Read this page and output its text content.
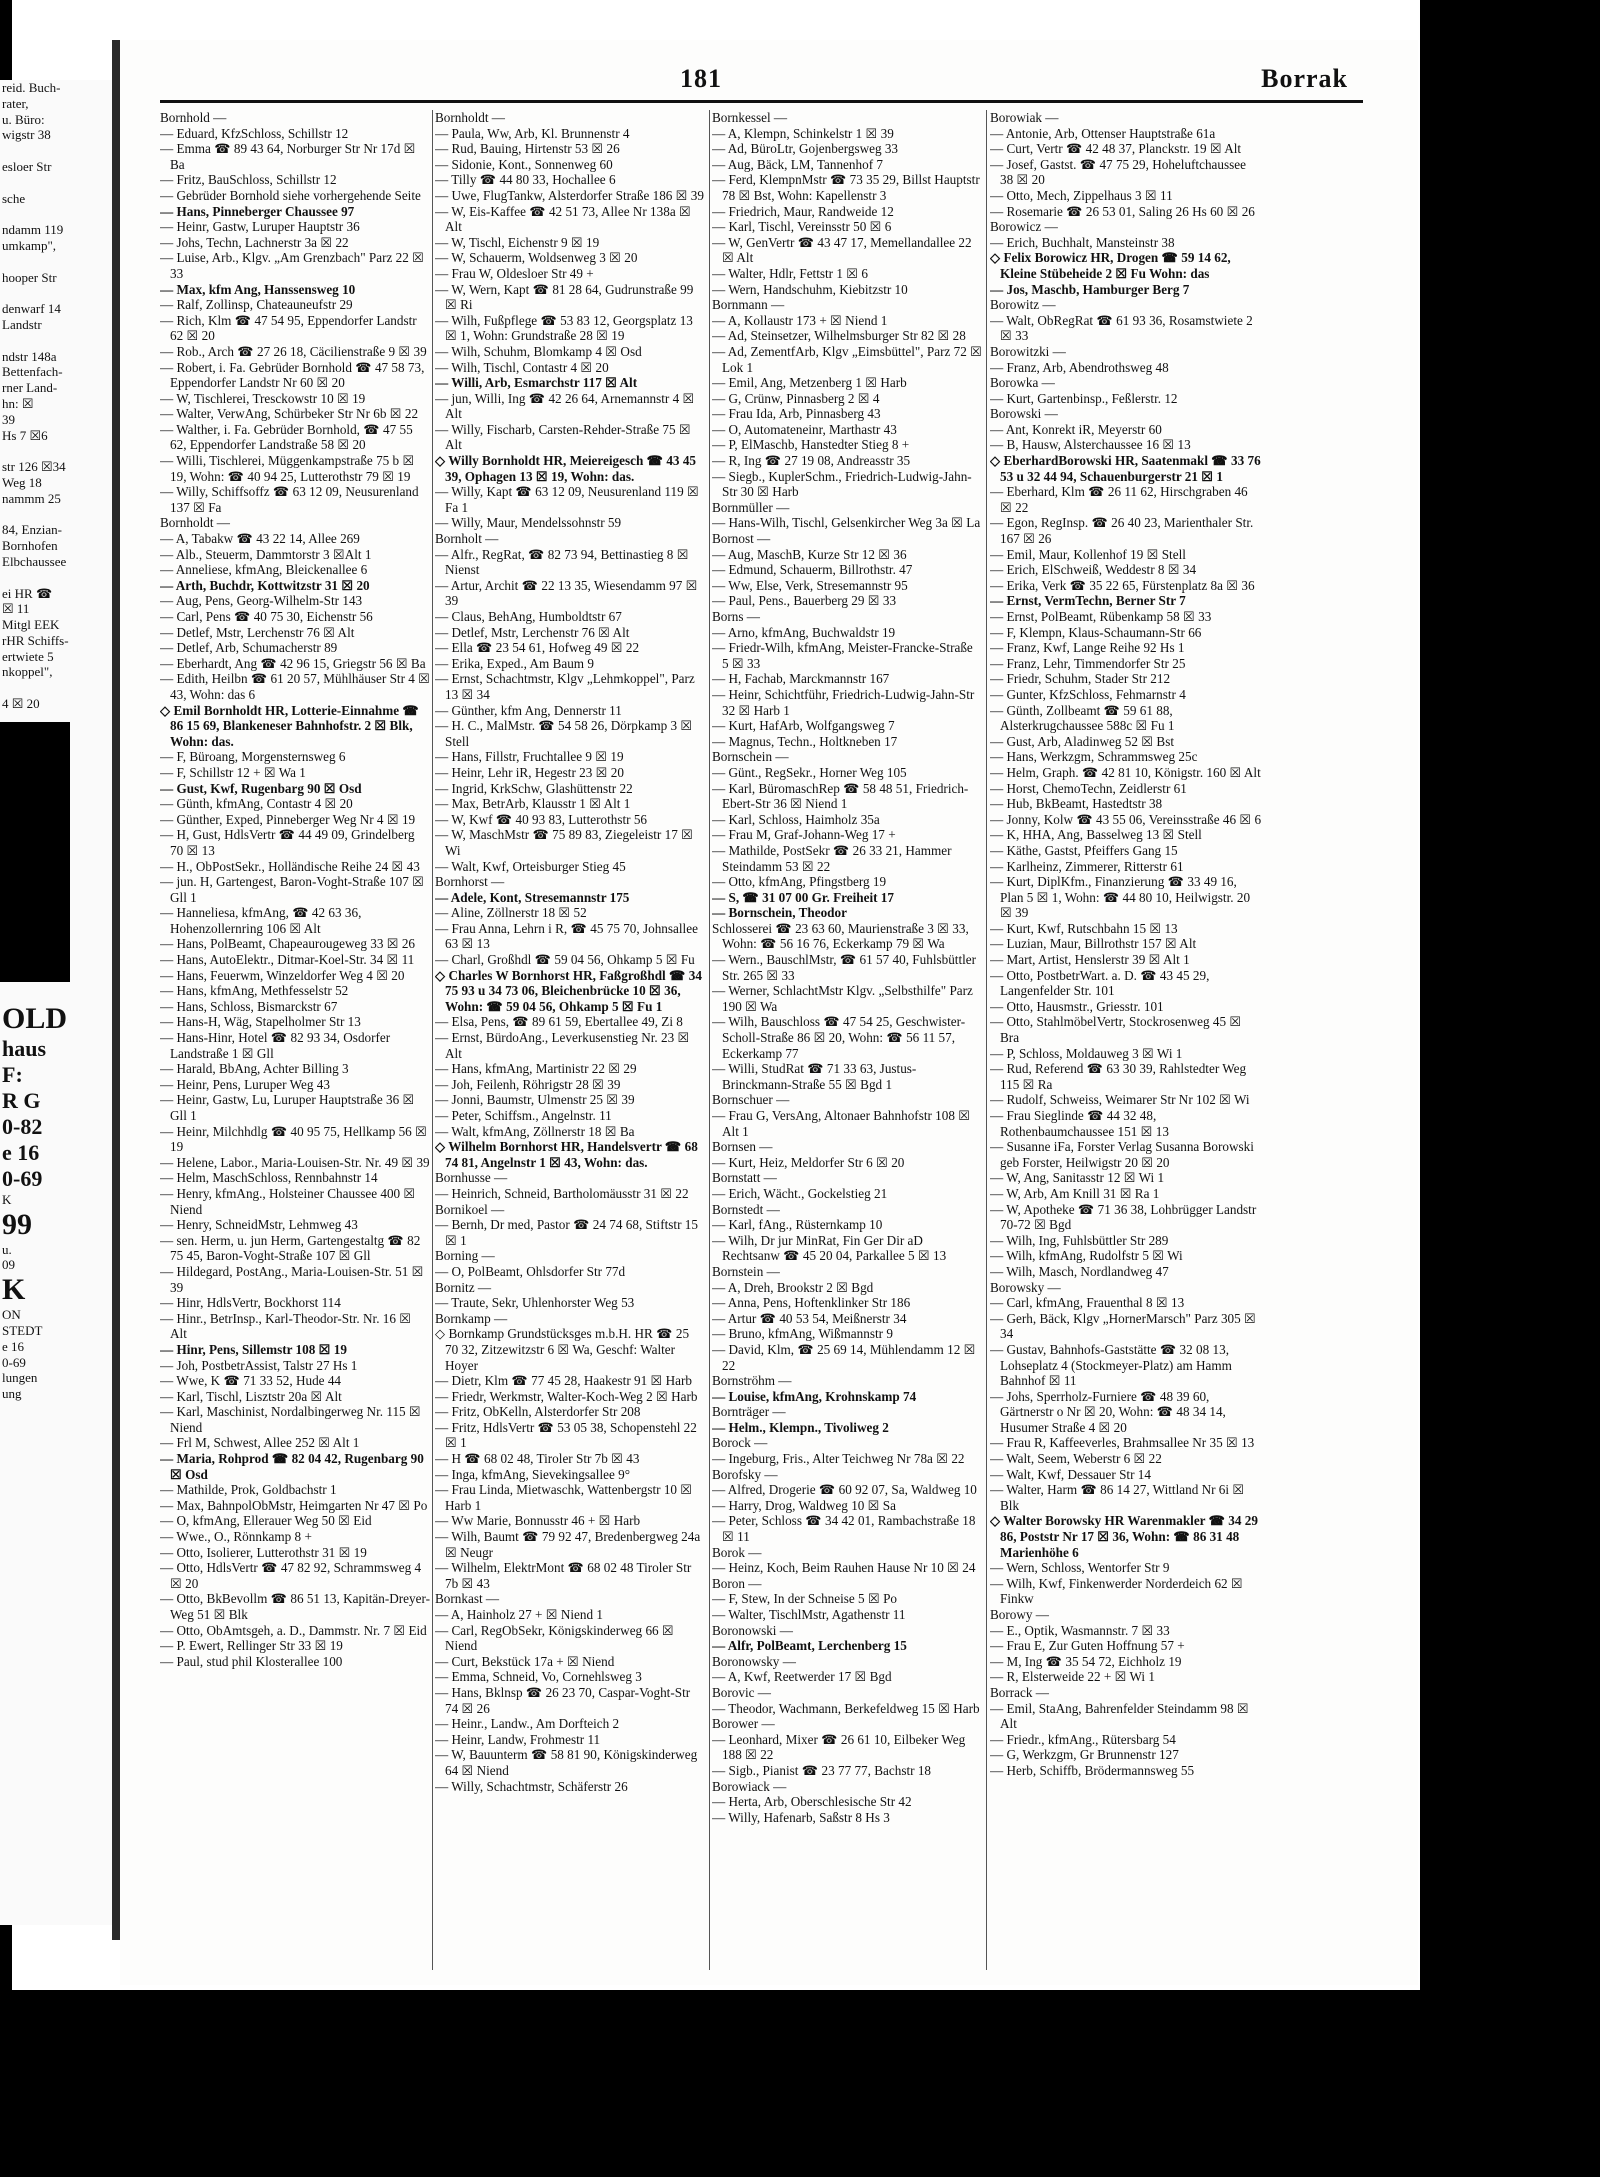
reid. Buch-
rater,
u. Büro:
wigstr 38

esloer Str

sche

ndamm 119
umkamp",

hooper Str

denwarf 14
Landstr

ndstr 148a
Bettenfach-
rner Land-
hn: ☒
39
Hs 7 ☒6

str 126 ☒34
Weg 18
nammm 25

84, Enzian-
Bornhofen
Elbchaussee

ei HR ☎
☒ 11
Mitgl EEK
rHR Schiffs-
ertwiete 5
nkoppel",

4 ☒ 20
OLD
haus
F:
R G
0-82
e 16
0-69
K
99
u.
09
K
ON
STEDT
e 16
0-69
lungen
ung
181	Borrak

Bornhold —

— Eduard, KfzSchloss, Schillstr 12

— Emma ☎ 89 43 64, Norburger Str Nr 17d ☒ Ba

— Fritz, BauSchloss, Schillstr 12

— Gebrüder Bornhold siehe vorhergehende Seite

— Hans, Pinneberger Chaussee 97

— Heinr, Gastw, Luruper Hauptstr 36

— Johs, Techn, Lachnerstr 3a ☒ 22

— Luise, Arb., Klgv. „Am Grenzbach" Parz 22 ☒ 33

— Max, kfm Ang, Hanssensweg 10

— Ralf, Zollinsp, Chateauneufstr 29

— Rich, Klm ☎ 47 54 95, Eppendorfer Landstr 62 ☒ 20

— Rob., Arch ☎ 27 26 18, Cäcilienstraße 9 ☒ 39

— Robert, i. Fa. Gebrüder Bornhold ☎ 47 58 73, Eppendorfer Landstr Nr 60 ☒ 20

— W, Tischlerei, Tresckowstr 10 ☒ 19

— Walter, VerwAng, Schürbeker Str Nr 6b ☒ 22

— Walther, i. Fa. Gebrüder Bornhold, ☎ 47 55 62, Eppendorfer Landstraße 58 ☒ 20

— Willi, Tischlerei, Müggenkampstraße 75 b ☒ 19, Wohn: ☎ 40 94 25, Lutterothstr 79 ☒ 19

— Willy, Schiffsoffz ☎ 63 12 09, Neusurenland 137 ☒ Fa

Bornholdt —

— A, Tabakw ☎ 43 22 14, Allee 269

— Alb., Steuerm, Dammtorstr 3 ☒Alt 1

— Anneliese, kfmAng, Bleickenallee 6

— Arth, Buchdr, Kottwitzstr 31 ☒ 20

— Aug, Pens, Georg-Wilhelm-Str 143

— Carl, Pens ☎ 40 75 30, Eichenstr 56

— Detlef, Mstr, Lerchenstr 76 ☒ Alt

— Detlef, Arb, Schumacherstr 89

— Eberhardt, Ang ☎ 42 96 15, Griegstr 56 ☒ Ba

— Edith, Heilbn ☎ 61 20 57, Mühlhäuser Str 4 ☒ 43, Wohn: das 6

◇ Emil Bornholdt HR, Lotterie-Einnahme ☎ 86 15 69, Blankeneser Bahnhofstr. 2 ☒ Blk, Wohn: das.

— F, Büroang, Morgensternsweg 6

— F, Schillstr 12 + ☒ Wa 1

— Gust, Kwf, Rugenbarg 90 ☒ Osd

— Günth, kfmAng, Contastr 4 ☒ 20

— Günther, Exped, Pinneberger Weg Nr 4 ☒ 19

— H, Gust, HdlsVertr ☎ 44 49 09, Grindelberg 70 ☒ 13

— H., ObPostSekr., Holländische Reihe 24 ☒ 43

— jun. H, Gartengest, Baron-Voght-Straße 107 ☒ Gll 1

— Hanneliesa, kfmAng, ☎ 42 63 36, Hohenzollernring 106 ☒ Alt

— Hans, PolBeamt, Chapeaurougeweg 33 ☒ 26

— Hans, AutoElektr., Ditmar-Koel-Str. 34 ☒ 11

— Hans, Feuerwm, Winzeldorfer Weg 4 ☒ 20

— Hans, kfmAng, Methfesselstr 52

— Hans, Schloss, Bismarckstr 67

— Hans-H, Wäg, Stapelholmer Str 13

— Hans-Hinr, Hotel ☎ 82 93 34, Osdorfer Landstraße 1 ☒ Gll

— Harald, BbAng, Achter Billing 3

— Heinr, Pens, Luruper Weg 43

— Heinr, Gastw, Lu, Luruper Hauptstraße 36 ☒ Gll 1

— Heinr, Milchhdlg ☎ 40 95 75, Hellkamp 56 ☒ 19

— Helene, Labor., Maria-Louisen-Str. Nr. 49 ☒ 39

— Helm, MaschSchloss, Rennbahnstr 14

— Henry, kfmAng., Holsteiner Chaussee 400 ☒ Niend

— Henry, SchneidMstr, Lehmweg 43

— sen. Herm, u. jun Herm, Gartengestaltg ☎ 82 75 45, Baron-Voght-Straße 107 ☒ Gll

— Hildegard, PostAng., Maria-Louisen-Str. 51 ☒ 39

— Hinr, HdlsVertr, Bockhorst 114

— Hinr., BetrInsp., Karl-Theodor-Str. Nr. 16 ☒ Alt

— Hinr, Pens, Sillemstr 108 ☒ 19

— Joh, PostbetrAssist, Talstr 27 Hs 1

— Wwe, K ☎ 71 33 52, Hude 44

— Karl, Tischl, Lisztstr 20a ☒ Alt

— Karl, Maschinist, Nordalbingerweg Nr. 115 ☒ Niend

— Frl M, Schwest, Allee 252 ☒ Alt 1

— Maria, Rohprod ☎ 82 04 42, Rugenbarg 90 ☒ Osd

— Mathilde, Prok, Goldbachstr 1

— Max, BahnpolObMstr, Heimgarten Nr 47 ☒ Po

— O, kfmAng, Ellerauer Weg 50 ☒ Eid

— Wwe., O., Rönnkamp 8 +

— Otto, Isolierer, Lutterothstr 31 ☒ 19

— Otto, HdlsVertr ☎ 47 82 92, Schrammsweg 4 ☒ 20

— Otto, BkBevollm ☎ 86 51 13, Kapitän-Dreyer-Weg 51 ☒ Blk

— Otto, ObAmtsgeh, a. D., Dammstr. Nr. 7 ☒ Eid

— P. Ewert, Rellinger Str 33 ☒ 19

— Paul, stud phil Klosterallee 100

Bornholdt —

— Paula, Ww, Arb, Kl. Brunnenstr 4

— Rud, Bauing, Hirtenstr 53 ☒ 26

— Sidonie, Kont., Sonnenweg 60

— Tilly ☎ 44 80 33, Hochallee 6

— Uwe, FlugTankw, Alsterdorfer Straße 186 ☒ 39

— W, Eis-Kaffee ☎ 42 51 73, Allee Nr 138a ☒ Alt

— W, Tischl, Eichenstr 9 ☒ 19

— W, Schauerm, Woldsenweg 3 ☒ 20

— Frau W, Oldesloer Str 49 +

— W, Wern, Kapt ☎ 81 28 64, Gudrunstraße 99 ☒ Ri

— Wilh, Fußpflege ☎ 53 83 12, Georgsplatz 13 ☒ 1, Wohn: Grundstraße 28 ☒ 19

— Wilh, Schuhm, Blomkamp 4 ☒ Osd

— Wilh, Tischl, Contastr 4 ☒ 20

— Willi, Arb, Esmarchstr 117 ☒ Alt

— jun, Willi, Ing ☎ 42 26 64, Arnemannstr 4 ☒ Alt

— Willy, Fischarb, Carsten-Rehder-Straße 75 ☒ Alt

◇ Willy Bornholdt HR, Meiereigesch ☎ 43 45 39, Ophagen 13 ☒ 19, Wohn: das.

— Willy, Kapt ☎ 63 12 09, Neusurenland 119 ☒ Fa 1

— Willy, Maur, Mendelssohnstr 59

Bornholt —

— Alfr., RegRat, ☎ 82 73 94, Bettinastieg 8 ☒ Nienst

— Artur, Archit ☎ 22 13 35, Wiesendamm 97 ☒ 39

— Claus, BehAng, Humboldtstr 67

— Detlef, Mstr, Lerchenstr 76 ☒ Alt

— Ella ☎ 23 54 61, Hofweg 49 ☒ 22

— Erika, Exped., Am Baum 9

— Ernst, Schachtmstr, Klgv „Lehmkoppel", Parz 13 ☒ 34

— Günther, kfm Ang, Dennerstr 11

— H. C., MalMstr. ☎ 54 58 26, Dörpkamp 3 ☒ Stell

— Hans, Fillstr, Fruchtallee 9 ☒ 19

— Heinr, Lehr iR, Hegestr 23 ☒ 20

— Ingrid, KrkSchw, Glashüttenstr 22

— Max, BetrArb, Klausstr 1 ☒ Alt 1

— W, Kwf ☎ 40 93 83, Lutterothstr 56

— W, MaschMstr ☎ 75 89 83, Ziegeleistr 17 ☒ Wi

— Walt, Kwf, Orteisburger Stieg 45

Bornhorst —

— Adele, Kont, Stresemannstr 175

— Aline, Zöllnerstr 18 ☒ 52

— Frau Anna, Lehrn i R, ☎ 45 75 70, Johnsallee 63 ☒ 13

— Charl, Großhdl ☎ 59 04 56, Ohkamp 5 ☒ Fu

◇ Charles W Bornhorst HR, Faßgroßhdl ☎ 34 75 93 u 34 73 06, Bleichenbrücke 10 ☒ 36, Wohn: ☎ 59 04 56, Ohkamp 5 ☒ Fu 1

— Elsa, Pens, ☎ 89 61 59, Ebertallee 49, Zi 8

— Ernst, BürdoAng., Leverkusenstieg Nr. 23 ☒ Alt

— Hans, kfmAng, Martinistr 22 ☒ 29

— Joh, Feilenh, Röhrigstr 28 ☒ 39

— Jonni, Baumstr, Ulmenstr 25 ☒ 39

— Peter, Schiffsm., Angelnstr. 11

— Walt, kfmAng, Zöllnerstr 18 ☒ Ba

◇ Wilhelm Bornhorst HR, Handelsvertr ☎ 68 74 81, Angelnstr 1 ☒ 43, Wohn: das.

Bornhusse —

— Heinrich, Schneid, Bartholomäusstr 31 ☒ 22

Bornikoel —

— Bernh, Dr med, Pastor ☎ 24 74 68, Stiftstr 15 ☒ 1

Borning —

— O, PolBeamt, Ohlsdorfer Str 77d

Bornitz —

— Traute, Sekr, Uhlenhorster Weg 53

Bornkamp —

◇ Bornkamp Grundstücksges m.b.H. HR ☎ 25 70 32, Zitzewitzstr 6 ☒ Wa, Geschf: Walter Hoyer

— Dietr, Klm ☎ 77 45 28, Haakestr 91 ☒ Harb

— Friedr, Werkmstr, Walter-Koch-Weg 2 ☒ Harb

— Fritz, ObKelln, Alsterdorfer Str 208

— Fritz, HdlsVertr ☎ 53 05 38, Schopenstehl 22 ☒ 1

— H ☎ 68 02 48, Tiroler Str 7b ☒ 43

— Inga, kfmAng, Sievekingsallee 9°

— Frau Linda, Mietwaschk, Wattenbergstr 10 ☒ Harb 1

— Ww Marie, Bonnusstr 46 + ☒ Harb

— Wilh, Baumt ☎ 79 92 47, Bredenbergweg 24a ☒ Neugr

— Wilhelm, ElektrMont ☎ 68 02 48 Tiroler Str 7b ☒ 43

Bornkast —

— A, Hainholz 27 + ☒ Niend 1

— Carl, RegObSekr, Königskinderweg 66 ☒ Niend

— Curt, Bekstück 17a + ☒ Niend

— Emma, Schneid, Vo, Cornehlsweg 3

— Hans, Bklnsp ☎ 26 23 70, Caspar-Voght-Str 74 ☒ 26

— Heinr., Landw., Am Dorfteich 2

— Heinr, Landw, Frohmestr 11

— W, Bauunterm ☎ 58 81 90, Königskinderweg 64 ☒ Niend

— Willy, Schachtmstr, Schäferstr 26

Bornkessel —

— A, Klempn, Schinkelstr 1 ☒ 39

— Ad, BüroLtr, Gojenbergsweg 33

— Aug, Bäck, LM, Tannenhof 7

— Ferd, KlempnMstr ☎ 73 35 29, Billst Hauptstr 78 ☒ Bst, Wohn: Kapellenstr 3

— Friedrich, Maur, Randweide 12

— Karl, Tischl, Vereinsstr 50 ☒ 6

— W, GenVertr ☎ 43 47 17, Memellandallee 22 ☒ Alt

— Walter, Hdlr, Fettstr 1 ☒ 6

— Wern, Handschuhm, Kiebitzstr 10

Bornmann —

— A, Kollaustr 173 + ☒ Niend 1

— Ad, Steinsetzer, Wilhelmsburger Str 82 ☒ 28

— Ad, ZementfArb, Klgv „Eimsbüttel", Parz 72 ☒ Lok 1

— Emil, Ang, Metzenberg 1 ☒ Harb

— G, Crünw, Pinnasberg 2 ☒ 4

— Frau Ida, Arb, Pinnasberg 43

— O, Automateneinr, Marthastr 43

— P, ElMaschb, Hanstedter Stieg 8 +

— R, Ing ☎ 27 19 08, Andreasstr 35

— Siegb., KuplerSchm., Friedrich-Ludwig-Jahn-Str 30 ☒ Harb

Bornmüller —

— Hans-Wilh, Tischl, Gelsenkircher Weg 3a ☒ La

Bornost —

— Aug, MaschB, Kurze Str 12 ☒ 36

— Edmund, Schauerm, Billrothstr. 47

— Ww, Else, Verk, Stresemannstr 95

— Paul, Pens., Bauerberg 29 ☒ 33

Borns —

— Arno, kfmAng, Buchwaldstr 19

— Friedr-Wilh, kfmAng, Meister-Francke-Straße 5 ☒ 33

— H, Fachab, Marckmannstr 167

— Heinr, Schichtführ, Friedrich-Ludwig-Jahn-Str 32 ☒ Harb 1

— Kurt, HafArb, Wolfgangsweg 7

— Magnus, Techn., Holtkneben 17

Bornschein —

— Günt., RegSekr., Horner Weg 105

— Karl, BüromaschRep ☎ 58 48 51, Friedrich-Ebert-Str 36 ☒ Niend 1

— Karl, Schloss, Haimholz 35a

— Frau M, Graf-Johann-Weg 17 +

— Mathilde, PostSekr ☎ 26 33 21, Hammer Steindamm 53 ☒ 22

— Otto, kfmAng, Pfingstberg 19

— S, ☎ 31 07 00 Gr. Freiheit 17

— Bornschein, Theodor

Schlosserei ☎ 23 63 60, Maurienstraße 3 ☒ 33, Wohn: ☎ 56 16 76, Eckerkamp 79 ☒ Wa

— Wern., BauschlMstr, ☎ 61 57 40, Fuhlsbüttler Str. 265 ☒ 33

— Werner, SchlachtMstr Klgv. „Selbsthilfe" Parz 190 ☒ Wa

— Wilh, Bauschloss ☎ 47 54 25, Geschwister-Scholl-Straße 86 ☒ 20, Wohn: ☎ 56 11 57, Eckerkamp 77

— Willi, StudRat ☎ 71 33 63, Justus-Brinckmann-Straße 55 ☒ Bgd 1

Bornschuer —

— Frau G, VersAng, Altonaer Bahnhofstr 108 ☒ Alt 1

Bornsen —

— Kurt, Heiz, Meldorfer Str 6 ☒ 20

Bornstatt —

— Erich, Wächt., Gockelstieg 21

Bornstedt —

— Karl, fAng., Rüsternkamp 10

— Wilh, Dr jur MinRat, Fin Ger Dir aD Rechtsanw ☎ 45 20 04, Parkallee 5 ☒ 13

Bornstein —

— A, Dreh, Brookstr 2 ☒ Bgd

— Anna, Pens, Hoftenklinker Str 186

— Artur ☎ 40 53 54, Meißnerstr 34

— Bruno, kfmAng, Wißmannstr 9

— David, Klm, ☎ 25 69 14, Mühlendamm 12 ☒ 22

Bornströhm —

— Louise, kfmAng, Krohnskamp 74

Bornträger —

— Helm., Klempn., Tivoliweg 2

Borock —

— Ingeburg, Fris., Alter Teichweg Nr 78a ☒ 22

Borofsky —

— Alfred, Drogerie ☎ 60 92 07, Sa, Waldweg 10

— Harry, Drog, Waldweg 10 ☒ Sa

— Peter, Schloss ☎ 34 42 01, Rambachstraße 18 ☒ 11

Borok —

— Heinz, Koch, Beim Rauhen Hause Nr 10 ☒ 24

Boron —

— F, Stew, In der Schneise 5 ☒ Po

— Walter, TischlMstr, Agathenstr 11

Boronowski —

— Alfr, PolBeamt, Lerchenberg 15

Boronowsky —

— A, Kwf, Reetwerder 17 ☒ Bgd

Borovic —

— Theodor, Wachmann, Berkefeldweg 15 ☒ Harb

Borower —

— Leonhard, Mixer ☎ 26 61 10, Eilbeker Weg 188 ☒ 22

— Sigb., Pianist ☎ 23 77 77, Bachstr 18

Borowiack —

— Herta, Arb, Oberschlesische Str 42

— Willy, Hafenarb, Saßstr 8 Hs 3

Borowiak —

— Antonie, Arb, Ottenser Hauptstraße 61a

— Curt, Vertr ☎ 42 48 37, Planckstr. 19 ☒ Alt

— Josef, Gastst. ☎ 47 75 29, Hoheluftchaussee 38 ☒ 20

— Otto, Mech, Zippelhaus 3 ☒ 11

— Rosemarie ☎ 26 53 01, Saling 26 Hs 60 ☒ 26

Borowicz —

— Erich, Buchhalt, Mansteinstr 38

◇ Felix Borowicz HR, Drogen ☎ 59 14 62, Kleine Stübeheide 2 ☒ Fu Wohn: das

— Jos, Maschb, Hamburger Berg 7

Borowitz —

— Walt, ObRegRat ☎ 61 93 36, Rosamstwiete 2 ☒ 33

Borowitzki —

— Franz, Arb, Abendrothsweg 48

Borowka —

— Kurt, Gartenbinsp., Feßlerstr. 12

Borowski —

— Ant, Konrekt iR, Meyerstr 60

— B, Hausw, Alsterchaussee 16 ☒ 13

◇ EberhardBorowski HR, Saatenmakl ☎ 33 76 53 u 32 44 94, Schauenburgerstr 21 ☒ 1

— Eberhard, Klm ☎ 26 11 62, Hirschgraben 46 ☒ 22

— Egon, RegInsp. ☎ 26 40 23, Marienthaler Str. 167 ☒ 26

— Emil, Maur, Kollenhof 19 ☒ Stell

— Erich, ElSchweiß, Weddestr 8 ☒ 34

— Erika, Verk ☎ 35 22 65, Fürstenplatz 8a ☒ 36

— Ernst, VermTechn, Berner Str 7

— Ernst, PolBeamt, Rübenkamp 58 ☒ 33

— F, Klempn, Klaus-Schaumann-Str 66

— Franz, Kwf, Lange Reihe 92 Hs 1

— Franz, Lehr, Timmendorfer Str 25

— Friedr, Schuhm, Stader Str 212

— Gunter, KfzSchloss, Fehmarnstr 4

— Günth, Zollbeamt ☎ 59 61 88, Alsterkrugchaussee 588c ☒ Fu 1

— Gust, Arb, Aladinweg 52 ☒ Bst

— Hans, Werkzgm, Schrammsweg 25c

— Helm, Graph. ☎ 42 81 10, Königstr. 160 ☒ Alt

— Horst, ChemoTechn, Zeidlerstr 61

— Hub, BkBeamt, Hastedtstr 38

— Jonny, Kolw ☎ 43 55 06, Vereinsstraße 46 ☒ 6

— K, HHA, Ang, Basselweg 13 ☒ Stell

— Käthe, Gastst, Pfeiffers Gang 15

— Karlheinz, Zimmerer, Ritterstr 61

— Kurt, DiplKfm., Finanzierung ☎ 33 49 16, Plan 5 ☒ 1, Wohn: ☎ 44 80 10, Heilwigstr. 20 ☒ 39

— Kurt, Kwf, Rutschbahn 15 ☒ 13

— Luzian, Maur, Billrothstr 157 ☒ Alt

— Mart, Artist, Henslerstr 39 ☒ Alt 1

— Otto, PostbetrWart. a. D. ☎ 43 45 29, Langenfelder Str. 101

— Otto, Hausmstr., Griesstr. 101

— Otto, StahlmöbelVertr, Stockrosenweg 45 ☒ Bra

— P, Schloss, Moldauweg 3 ☒ Wi 1

— Rud, Referend ☎ 63 30 39, Rahlstedter Weg 115 ☒ Ra

— Rudolf, Schweiss, Weimarer Str Nr 102 ☒ Wi

— Frau Sieglinde ☎ 44 32 48, Rothenbaumchaussee 151 ☒ 13

— Susanne iFa, Forster Verlag Susanna Borowski geb Forster, Heilwigstr 20 ☒ 20

— W, Ang, Sanitasstr 12 ☒ Wi 1

— W, Arb, Am Knill 31 ☒ Ra 1

— W, Apotheke ☎ 71 36 38, Lohbrügger Landstr 70-72 ☒ Bgd

— Wilh, Ing, Fuhlsbüttler Str 289

— Wilh, kfmAng, Rudolfstr 5 ☒ Wi

— Wilh, Masch, Nordlandweg 47

Borowsky —

— Carl, kfmAng, Frauenthal 8 ☒ 13

— Gerh, Bäck, Klgv „HornerMarsch" Parz 305 ☒ 34

— Gustav, Bahnhofs-Gaststätte ☎ 32 08 13, Lohseplatz 4 (Stockmeyer-Platz) am Hamm Bahnhof ☒ 11

— Johs, Sperrholz-Furniere ☎ 48 39 60, Gärtnerstr o Nr ☒ 20, Wohn: ☎ 48 34 14, Husumer Straße 4 ☒ 20

— Frau R, Kaffeeverles, Brahmsallee Nr 35 ☒ 13

— Walt, Seem, Weberstr 6 ☒ 22

— Walt, Kwf, Dessauer Str 14

— Walter, Harm ☎ 86 14 27, Wittland Nr 6i ☒ Blk

◇ Walter Borowsky HR Warenmakler ☎ 34 29 86, Poststr Nr 17 ☒ 36, Wohn: ☎ 86 31 48 Marienhöhe 6

— Wern, Schloss, Wentorfer Str 9

— Wilh, Kwf, Finkenwerder Norderdeich 62 ☒ Finkw

Borowy —

— E., Optik, Wasmannstr. 7 ☒ 33

— Frau E, Zur Guten Hoffnung 57 +

— M, Ing ☎ 35 54 72, Eichholz 19

— R, Elsterweide 22 + ☒ Wi 1

Borrack —

— Emil, StaAng, Bahrenfelder Steindamm 98 ☒ Alt

— Friedr., kfmAng., Rütersbarg 54

— G, Werkzgm, Gr Brunnenstr 127

— Herb, Schiffb, Brödermannsweg 55
